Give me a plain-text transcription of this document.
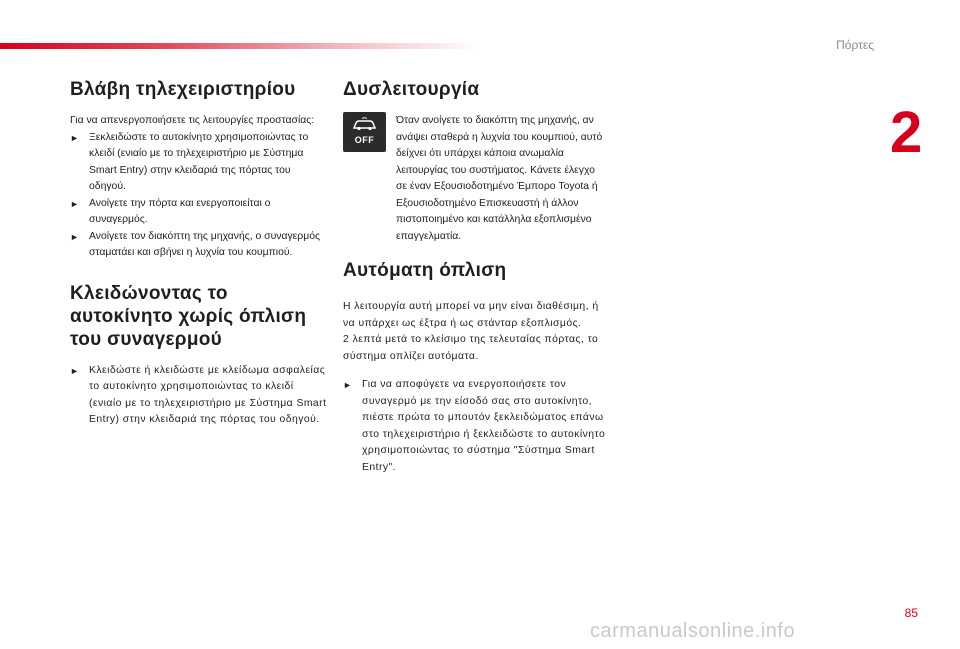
Πόρτες
2
Βλάβη τηλεχειριστηρίου

Για να απενεργοποιήσετε τις λειτουργίες προστασίας:

► Ξεκλειδώστε το αυτοκίνητο χρησιμοποιώντας το κλειδί (ενιαίο με το τηλεχειριστήριο με Σύστημα Smart Entry) στην κλειδαριά της πόρτας του οδηγού.
► Ανοίγετε την πόρτα και ενεργοποιείται ο συναγερμός.
► Ανοίγετε τον διακόπτη της μηχανής, ο συναγερμός σταματάει και σβήνει η λυχνία του κουμπιού.
Κλειδώνοντας το αυτοκίνητο χωρίς όπλιση του συναγερμού
► Κλειδώστε ή κλειδώστε με κλείδωμα ασφαλείας το αυτοκίνητο χρησιμοποιώντας το κλειδί (ενιαίο με το τηλεχειριστήριο με Σύστημα Smart Entry) στην κλειδαριά της πόρτας του οδηγού.
Δυσλειτουργία
OFF

Όταν ανοίγετε το διακόπτη της μηχανής, αν ανάψει σταθερά η λυχνία του κουμπιού, αυτό δείχνει ότι υπάρχει κάποια ανωμαλία λειτουργίας του συστήματος. Κάνετε έλεγχο σε έναν Εξουσιοδοτημένο Έμπορο Toyota ή Εξουσιοδοτημένο Επισκευαστή ή άλλον πιστοποιημένο και κατάλληλα εξοπλισμένο επαγγελματία.

Αυτόματη όπλιση

Η λειτουργία αυτή μπορεί να μην είναι διαθέσιμη, ή να υπάρχει ως έξτρα ή ως στάνταρ εξοπλισμός.

2 λεπτά μετά το κλείσιμο της τελευταίας πόρτας, το σύστημα οπλίζει αυτόματα.

► Για να αποφύγετε να ενεργοποιήσετε τον συναγερμό με την είσοδό σας στο αυτοκίνητο, πιέστε πρώτα το μπουτόν ξεκλειδώματος επάνω στο τηλεχειριστήριο ή ξεκλειδώστε το αυτοκίνητο χρησιμοποιώντας το σύστημα "Σύστημα Smart Entry".
85
carmanualsonline.info
